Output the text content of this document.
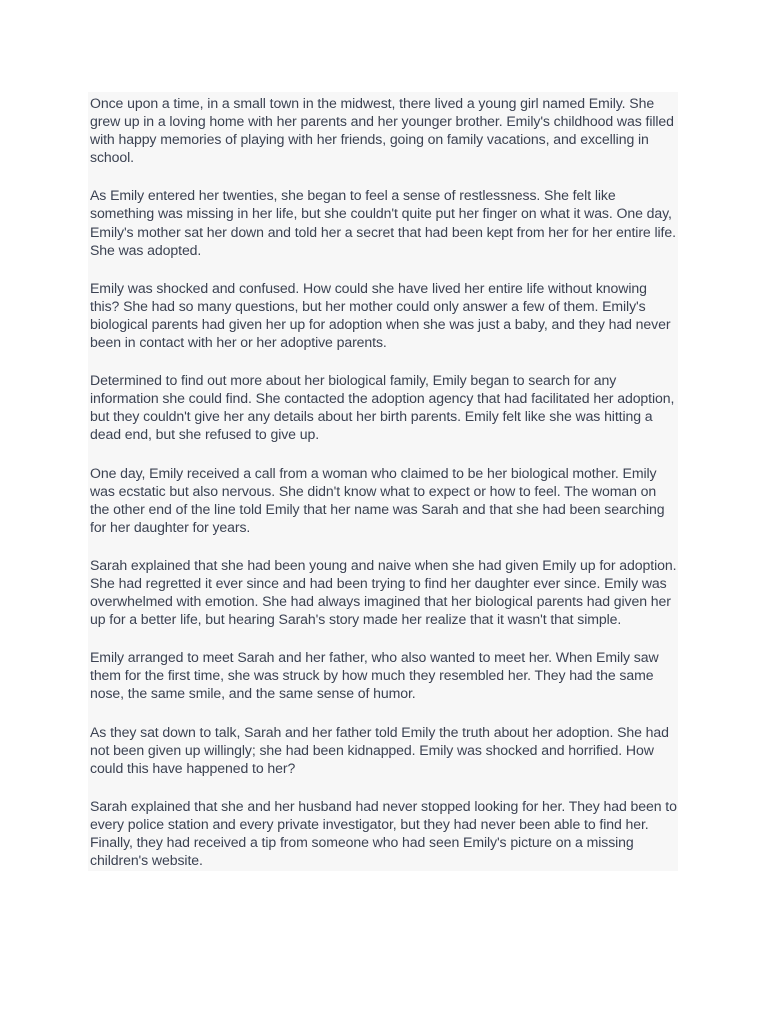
Once upon a time, in a small town in the midwest, there lived a young girl named Emily. She grew up in a loving home with her parents and her younger brother. Emily's childhood was filled with happy memories of playing with her friends, going on family vacations, and excelling in school.

As Emily entered her twenties, she began to feel a sense of restlessness. She felt like something was missing in her life, but she couldn't quite put her finger on what it was. One day, Emily's mother sat her down and told her a secret that had been kept from her for her entire life. She was adopted.

Emily was shocked and confused. How could she have lived her entire life without knowing this? She had so many questions, but her mother could only answer a few of them. Emily's biological parents had given her up for adoption when she was just a baby, and they had never been in contact with her or her adoptive parents.

Determined to find out more about her biological family, Emily began to search for any information she could find. She contacted the adoption agency that had facilitated her adoption, but they couldn't give her any details about her birth parents. Emily felt like she was hitting a dead end, but she refused to give up.

One day, Emily received a call from a woman who claimed to be her biological mother. Emily was ecstatic but also nervous. She didn't know what to expect or how to feel. The woman on the other end of the line told Emily that her name was Sarah and that she had been searching for her daughter for years.

Sarah explained that she had been young and naive when she had given Emily up for adoption. She had regretted it ever since and had been trying to find her daughter ever since. Emily was overwhelmed with emotion. She had always imagined that her biological parents had given her up for a better life, but hearing Sarah's story made her realize that it wasn't that simple.

Emily arranged to meet Sarah and her father, who also wanted to meet her. When Emily saw them for the first time, she was struck by how much they resembled her. They had the same nose, the same smile, and the same sense of humor.

As they sat down to talk, Sarah and her father told Emily the truth about her adoption. She had not been given up willingly; she had been kidnapped. Emily was shocked and horrified. How could this have happened to her?

Sarah explained that she and her husband had never stopped looking for her. They had been to every police station and every private investigator, but they had never been able to find her. Finally, they had received a tip from someone who had seen Emily's picture on a missing children's website.
